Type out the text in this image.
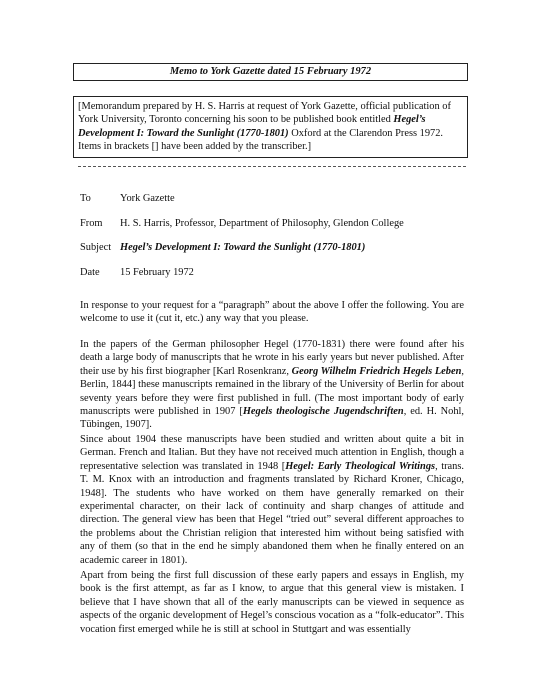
Memo to York Gazette dated 15 February 1972
[Memorandum prepared by H. S. Harris at request of York Gazette, official publication of York University, Toronto concerning his soon to be published book entitled Hegel’s Development I: Toward the Sunlight (1770-1801) Oxford at the Clarendon Press 1972. Items in brackets [] have been added by the transcriber.]
To	York Gazette
From H. S. Harris, Professor, Department of Philosophy, Glendon College
Subject Hegel’s Development I: Toward the Sunlight (1770-1801)
Date 15 February 1972
In response to your request for a “paragraph” about the above I offer the following. You are welcome to use it (cut it, etc.) any way that you please.
In the papers of the German philosopher Hegel (1770-1831) there were found after his death a large body of manuscripts that he wrote in his early years but never published. After their use by his first biographer [Karl Rosenkranz, Georg Wilhelm Friedrich Hegels Leben, Berlin, 1844] these manuscripts remained in the library of the University of Berlin for about seventy years before they were first published in full. (The most important body of early manuscripts were published in 1907 [Hegels theologische Jugendschriften, ed. H. Nohl, Tübingen, 1907].
Since about 1904 these manuscripts have been studied and written about quite a bit in German. French and Italian. But they have not received much attention in English, though a representative selection was translated in 1948 [Hegel: Early Theological Writings, trans. T. M. Knox with an introduction and fragments translated by Richard Kroner, Chicago, 1948]. The students who have worked on them have generally remarked on their experimental character, on their lack of continuity and sharp changes of attitude and direction. The general view has been that Hegel “tried out” several different approaches to the problems about the Christian religion that interested him without being satisfied with any of them (so that in the end he simply abandoned them when he finally entered on an academic career in 1801).
Apart from being the first full discussion of these early papers and essays in English, my book is the first attempt, as far as I know, to argue that this general view is mistaken. I believe that I have shown that all of the early manuscripts can be viewed in sequence as aspects of the organic development of Hegel’s conscious vocation as a “folk-educator”. This vocation first emerged while he is still at school in Stuttgart and was essentially
